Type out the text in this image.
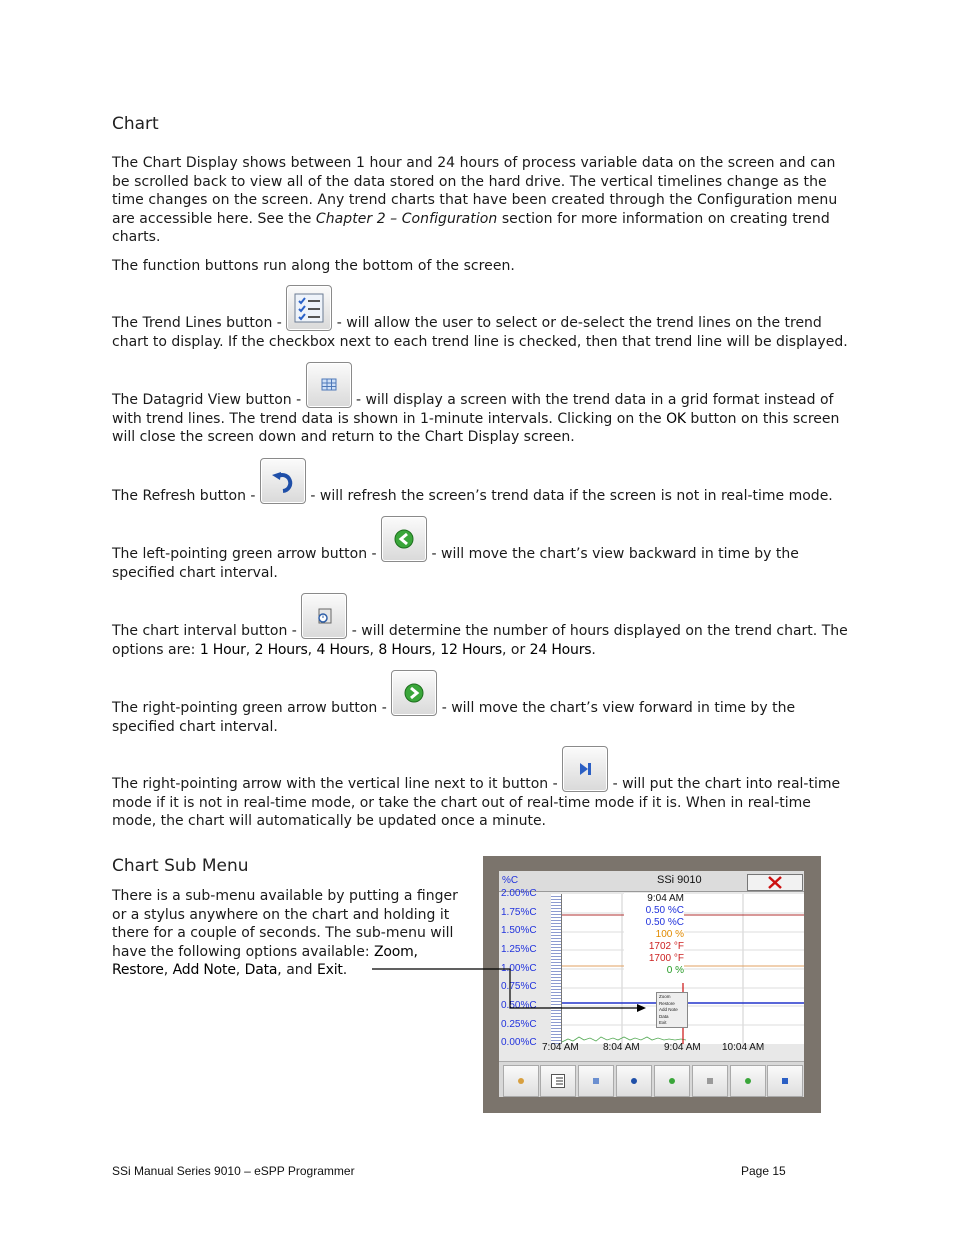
Chart
The Chart Display shows between 1 hour and 24 hours of process variable data on the screen and can be scrolled back to view all of the data stored on the hard drive. The vertical timelines change as the time changes on the screen. Any trend charts that have been created through the Configuration menu are accessible here. See the Chapter 2 – Configuration section for more information on creating trend charts.
The function buttons run along the bottom of the screen.
The Trend Lines button -	- will allow the user to select or de-select the trend lines on the trend chart to display. If the checkbox next to each trend line is checked, then that trend line will be displayed.
The Datagrid View button -	- will display a screen with the trend data in a grid format instead of with trend lines. The trend data is shown in 1-minute intervals. Clicking on the OK button on this screen will close the screen down and return to the Chart Display screen.
The Refresh button -	- will refresh the screen’s trend data if the screen is not in real-time mode.
The left-pointing green arrow button -	- will move the chart’s view backward in time by the specified chart interval.
The chart interval button -	- will determine the number of hours displayed on the trend chart. The options are: 1 Hour, 2 Hours, 4 Hours, 8 Hours, 12 Hours, or 24 Hours.
The right-pointing green arrow button -	- will move the chart’s view forward in time by the specified chart interval.
The right-pointing arrow with the vertical line next to it button -	- will put the chart into real-time mode if it is not in real-time mode, or take the chart out of real-time mode if it is. When in real-time mode, the chart will automatically be updated once a minute.
Chart Sub Menu
There is a sub-menu available by putting a finger or a stylus anywhere on the chart and holding it there for a couple of seconds. The sub-menu will have the following options available: Zoom, Restore, Add Note, Data, and Exit.
%C	SSi 9010
2.00%C
1.75%C
1.50%C
1.25%C
1.00%C
0.75%C
0.50%C
0.25%C
0.00%C
9:04 AM
0.50 %C
0.50 %C
100 %
1702 °F
1700 °F
0 %
Zoom
Restore
Add Note
Data
Exit
7:04 AM 8:04 AM 9:04 AM 10:04 AM
SSi Manual Series 9010 – eSPP Programmer	Page 15
